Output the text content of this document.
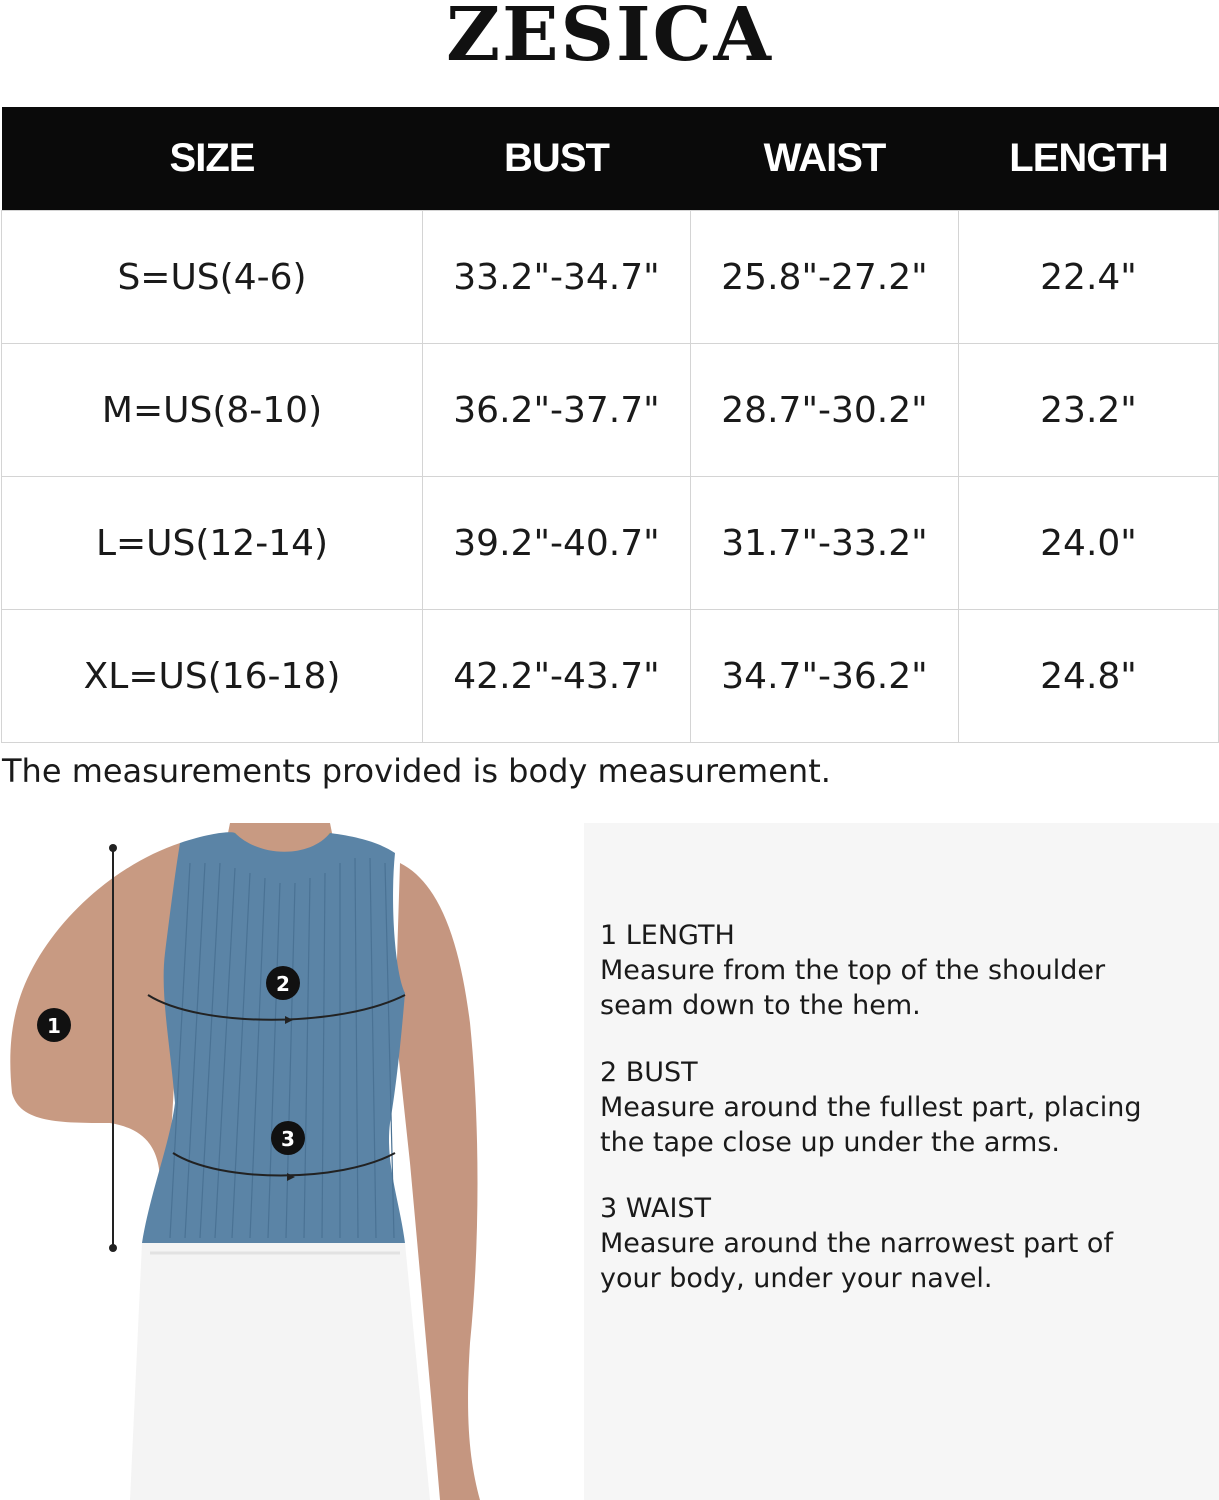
ZESICA
SIZE	BUST	WAIST	LENGTH
S=US(4-6)	33.2"-34.7"	25.8"-27.2"	22.4"
M=US(8-10)	36.2"-37.7"	28.7"-30.2"	23.2"
L=US(12-14)	39.2"-40.7"	31.7"-33.2"	24.0"
XL=US(16-18)	42.2"-43.7"	34.7"-36.2"	24.8"
The measurements provided is body measurement.
1
2
3
1 LENGTH
Measure from the top of the shoulder
seam down to the hem.
2 BUST
Measure around the fullest part, placing
the tape close up under the arms.
3 WAIST
Measure around the narrowest part of
your body, under your navel.
